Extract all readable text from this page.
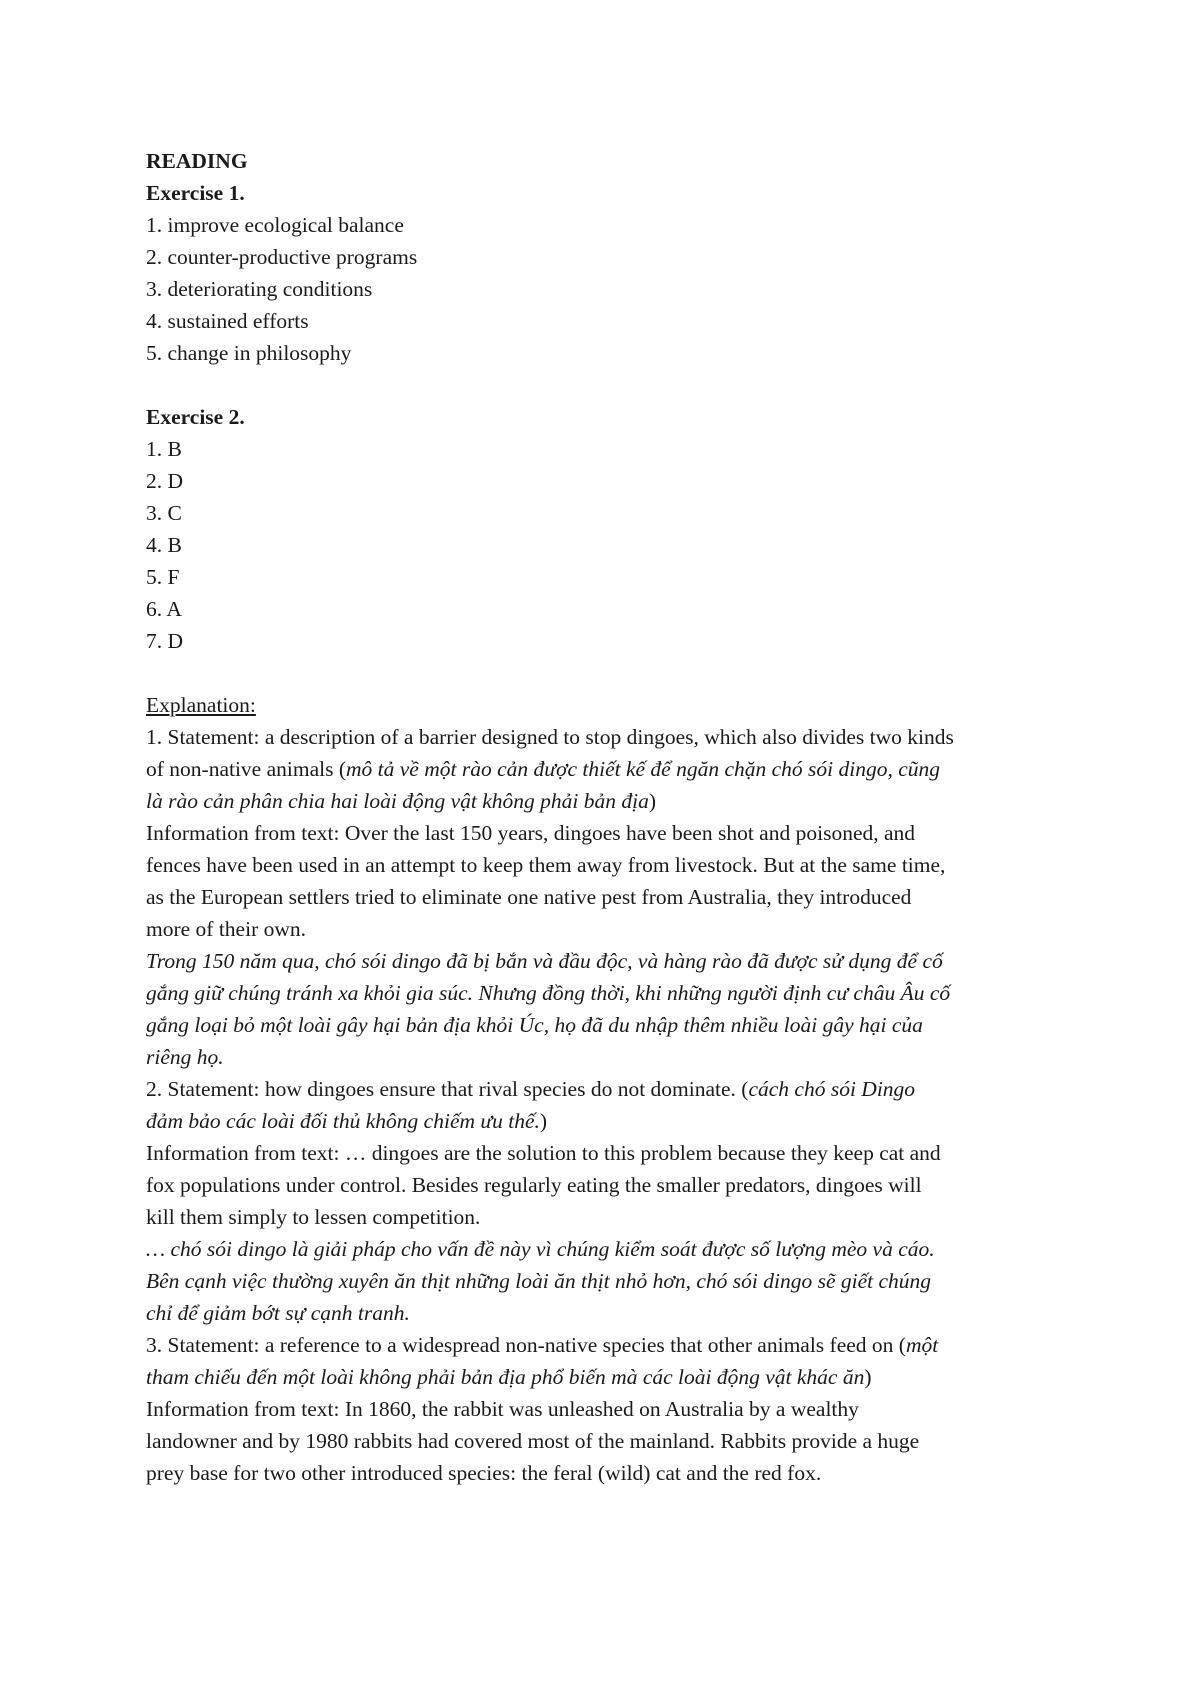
READING
Exercise 1.
1. improve ecological balance
2. counter-productive programs
3. deteriorating conditions
4. sustained efforts
5. change in philosophy
Exercise 2.
1. B
2. D
3. C
4. B
5. F
6. A
7. D
Explanation:
1. Statement: a description of a barrier designed to stop dingoes, which also divides two kinds
of non-native animals (mô tả về một rào cản được thiết kế để ngăn chặn chó sói dingo, cũng
là rào cản phân chia hai loài động vật không phải bản địa)
Information from text: Over the last 150 years, dingoes have been shot and poisoned, and
fences have been used in an attempt to keep them away from livestock. But at the same time,
as the European settlers tried to eliminate one native pest from Australia, they introduced
more of their own.
Trong 150 năm qua, chó sói dingo đã bị bắn và đầu độc, và hàng rào đã được sử dụng để cố
gắng giữ chúng tránh xa khỏi gia súc. Nhưng đồng thời, khi những người định cư châu Âu cố
gắng loại bỏ một loài gây hại bản địa khỏi Úc, họ đã du nhập thêm nhiều loài gây hại của
riêng họ.
2. Statement: how dingoes ensure that rival species do not dominate. (cách chó sói Dingo
đảm bảo các loài đối thủ không chiếm ưu thế.)
Information from text: … dingoes are the solution to this problem because they keep cat and
fox populations under control. Besides regularly eating the smaller predators, dingoes will
kill them simply to lessen competition.
… chó sói dingo là giải pháp cho vấn đề này vì chúng kiểm soát được số lượng mèo và cáo.
Bên cạnh việc thường xuyên ăn thịt những loài ăn thịt nhỏ hơn, chó sói dingo sẽ giết chúng
chỉ để giảm bớt sự cạnh tranh.
3. Statement: a reference to a widespread non-native species that other animals feed on (một
tham chiếu đến một loài không phải bản địa phổ biến mà các loài động vật khác ăn)
Information from text: In 1860, the rabbit was unleashed on Australia by a wealthy
landowner and by 1980 rabbits had covered most of the mainland. Rabbits provide a huge
prey base for two other introduced species: the feral (wild) cat and the red fox.
